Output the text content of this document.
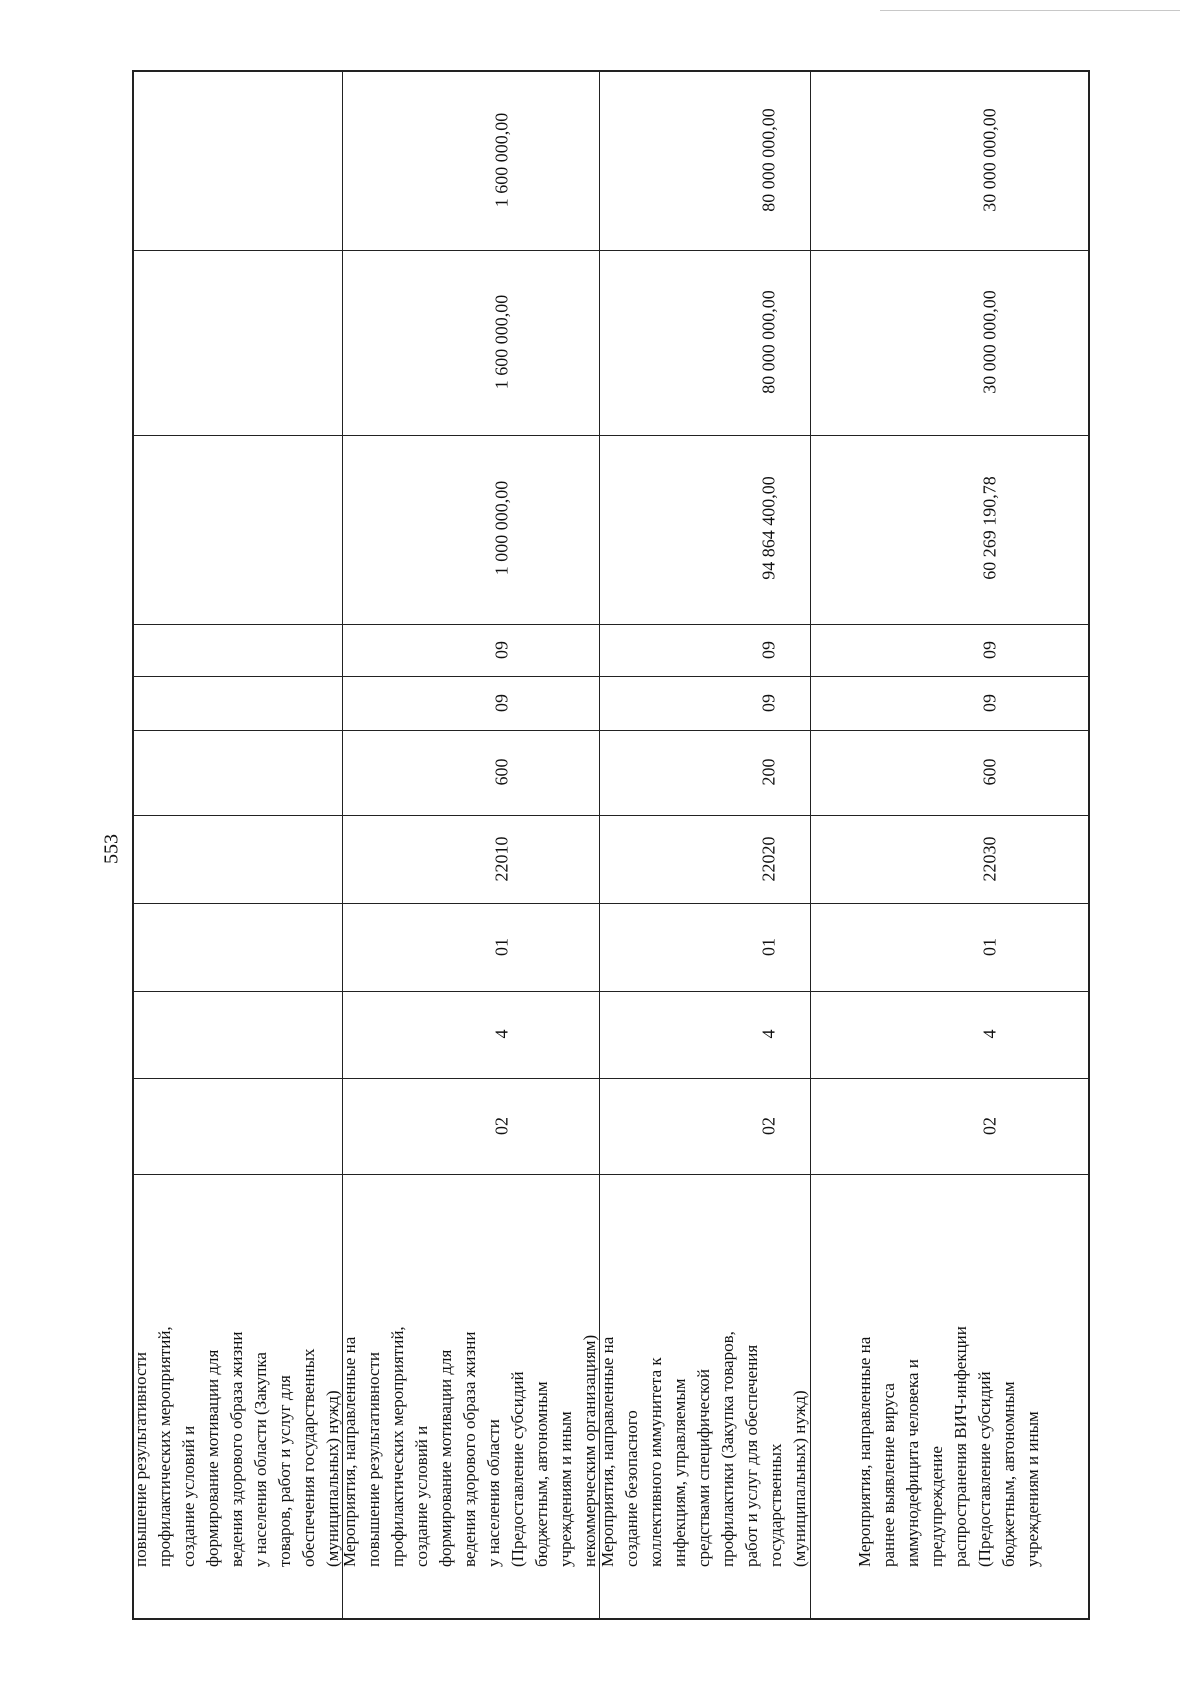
553
повышение результативности профилактических мероприятий, создание условий и формирование мотивации для ведения здорового образа жизни у населения области (Закупка товаров, работ и услуг для обеспечения государственных (муниципальных) нужд)
Мероприятия, направленные на повышение результативности профилактических мероприятий, создание условий и формирование мотивации для ведения здорового образа жизни у населения области (Предоставление субсидий бюджетным, автономным учреждениям и иным некоммерческим организациям)
02
4
01
22010
600
09
09
1 000 000,00
1 600 000,00
1 600 000,00
Мероприятия, направленные на создание безопасного коллективного иммунитета к инфекциям, управляемым средствами специфической профилактики (Закупка товаров, работ и услуг для обеспечения государственных (муниципальных) нужд)
02
4
01
22020
200
09
09
94 864 400,00
80 000 000,00
80 000 000,00
Мероприятия, направленные на раннее выявление вируса иммунодефицита человека и предупреждение распространения ВИЧ-инфекции (Предоставление субсидий бюджетным, автономным учреждениям и иным
02
4
01
22030
600
09
09
60 269 190,78
30 000 000,00
30 000 000,00
